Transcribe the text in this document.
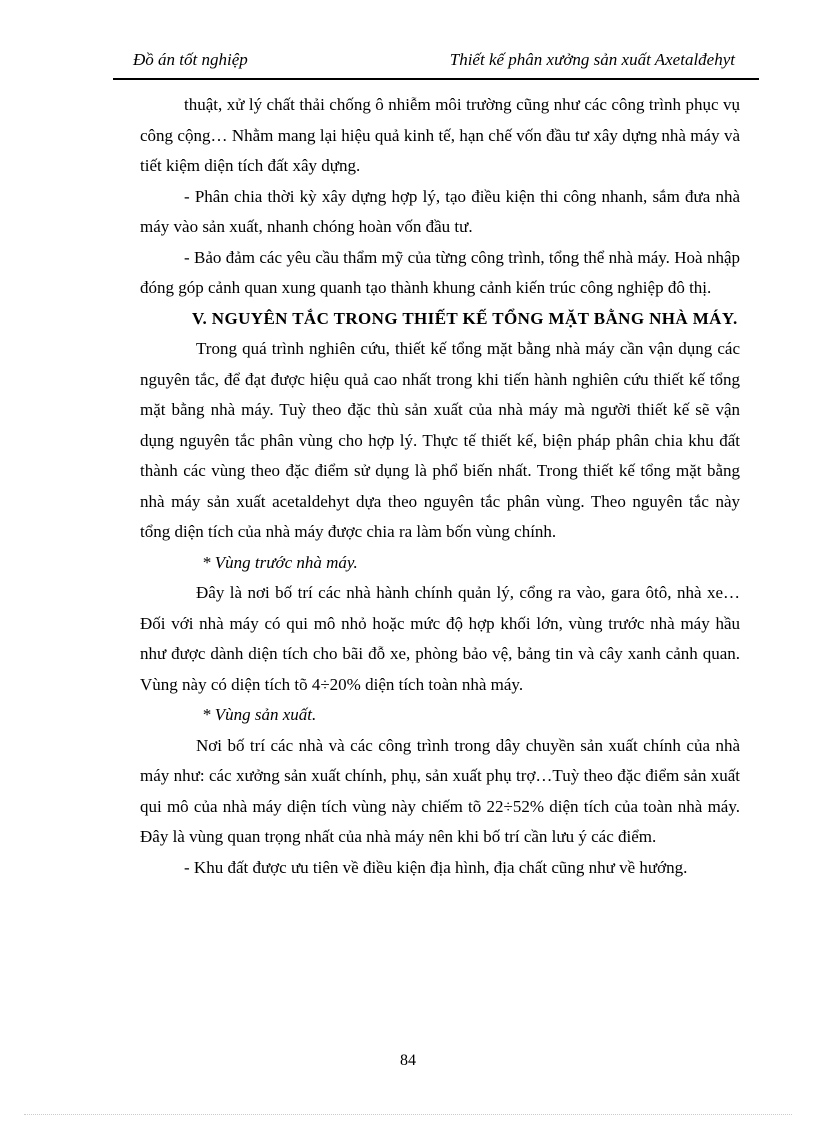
Đồ án tốt nghiệp	Thiết kế phân xưởng sản xuất Axetalđehyt

thuật, xử lý chất thải chống ô nhiễm môi trường cũng như các công trình phục vụ công cộng… Nhằm mang lại hiệu quả kinh tế, hạn chế vốn đầu tư xây dựng nhà máy và tiết kiệm diện tích đất xây dựng.

- Phân chia thời kỳ xây dựng hợp lý, tạo điều kiện thi công nhanh, sắm đưa nhà máy vào sản xuất, nhanh chóng hoàn vốn đầu tư.

- Bảo đảm các yêu cầu thẩm mỹ của từng công trình, tổng thể nhà máy. Hoà nhập đóng góp cảnh quan xung quanh tạo thành khung cảnh kiến trúc công nghiệp đô thị.

V. NGUYÊN TẮC TRONG THIẾT KẾ TỔNG MẶT BẰNG NHÀ MÁY.

Trong quá trình nghiên cứu, thiết kế tổng mặt bằng nhà máy cần vận dụng các nguyên tắc, để đạt được hiệu quả cao nhất trong khi tiến hành nghiên cứu thiết kế tổng mặt bằng nhà máy. Tuỳ theo đặc thù sản xuất của nhà máy mà người thiết kế sẽ vận dụng nguyên tắc phân vùng cho hợp lý. Thực tế thiết kế, biện pháp phân chia khu đất thành các vùng theo đặc điểm sử dụng là phổ biến nhất. Trong thiết kế tổng mặt bằng nhà máy sản xuất acetaldehyt dựa theo nguyên tắc phân vùng. Theo nguyên tắc này tổng diện tích của nhà máy được chia ra làm bốn vùng chính.

* Vùng trước nhà máy.

Đây là nơi bố trí các nhà hành chính quản lý, cổng ra vào, gara ôtô, nhà xe…Đối với nhà máy có qui mô nhỏ hoặc mức độ hợp khối lớn, vùng trước nhà máy hầu như được dành diện tích cho bãi đỗ xe, phòng bảo vệ, bảng tin và cây xanh cảnh quan. Vùng này có diện tích tõ 4÷20% diện tích toàn nhà máy.

* Vùng sản xuất.

Nơi bố trí các nhà và các công trình trong dây chuyền sản xuất chính của nhà máy như: các xưởng sản xuất chính, phụ, sản xuất phụ trợ…Tuỳ theo đặc điểm sản xuất qui mô của nhà máy diện tích vùng này chiếm tõ 22÷52% diện tích của toàn nhà máy. Đây là vùng quan trọng nhất của nhà máy nên khi bố trí cần lưu ý các điểm.

- Khu đất được ưu tiên về điều kiện địa hình, địa chất cũng như về hướng.

84
